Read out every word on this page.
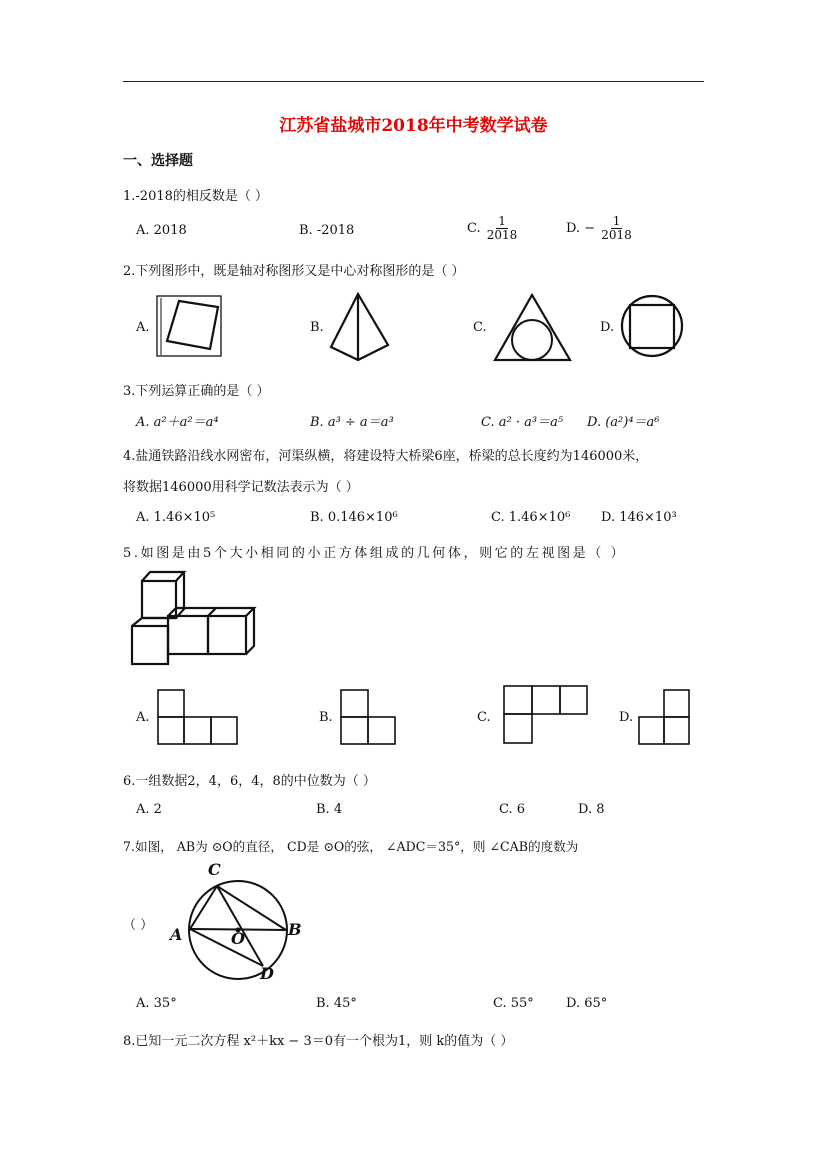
江苏省盐城市2018年中考数学试卷
一、选择题
1.-2018的相反数是（ ）
A. 2018	B. -2018	C. $\frac{1}{2018}$	D. − $\frac{1}{2018}$
2.下列图形中，既是轴对称图形又是中心对称图形的是（ ）
A.	B.	C.	D.
3.下列运算正确的是（ ）
A. a²＋a²＝a⁴	B. a³ ÷ a＝a³	C. a² · a³＝a⁵ D. (a²)⁴＝a⁶
4.盐通铁路沿线水网密布，河渠纵横，将建设特大桥梁6座，桥梁的总长度约为146000米，
将数据146000用科学记数法表示为（ ）
A. 1.46×10⁵	B. 0.146×10⁶	C. 1.46×10⁶ D. 146×10³
5.如图是由5个大小相同的小正方体组成的几何体，则它的左视图是（ ）
A.	B.	C.	D.
6.一组数据2，4，6，4，8的中位数为（ ）
A. 2	B. 4	C. 6	D. 8
7.如图， AB为 ⊙O的直径， CD是 ⊙O的弦， ∠ADC＝35°，则 ∠CAB的度数为
（ ）
C
A	O	B
D
A. 35°	B. 45°	C. 55° D. 65°
8.已知一元二次方程 x²＋kx − 3＝0有一个根为1，则 k的值为（ ）
